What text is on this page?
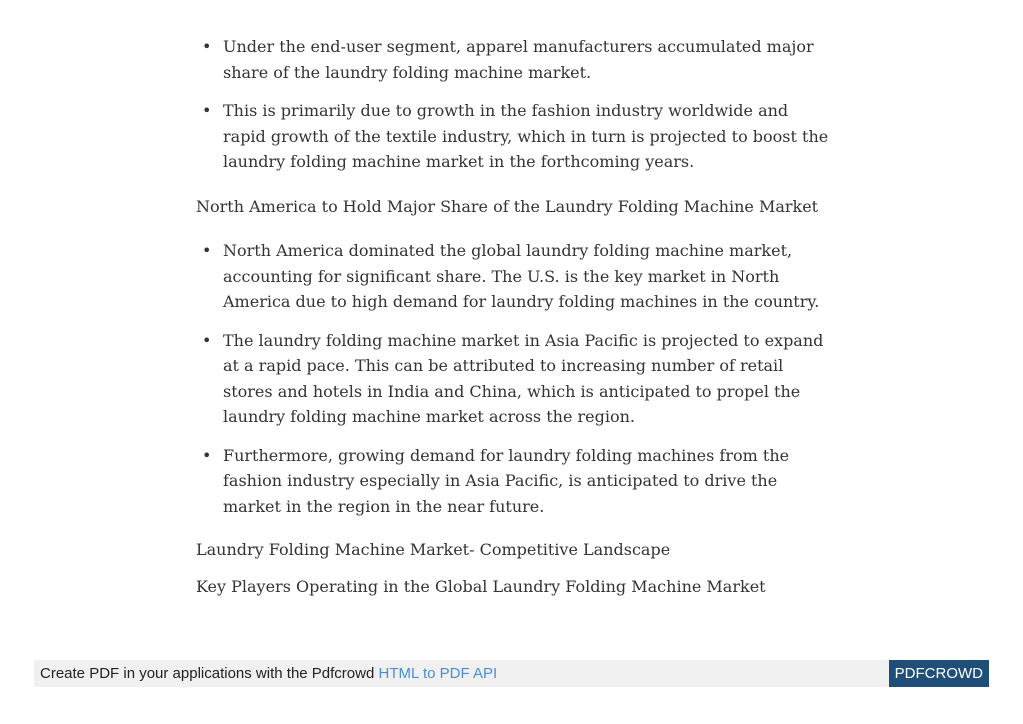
• Under the end-user segment, apparel manufacturers accumulated major share of the laundry folding machine market.
• This is primarily due to growth in the fashion industry worldwide and rapid growth of the textile industry, which in turn is projected to boost the laundry folding machine market in the forthcoming years.

North America to Hold Major Share of the Laundry Folding Machine Market

• North America dominated the global laundry folding machine market, accounting for significant share. The U.S. is the key market in North America due to high demand for laundry folding machines in the country.
• The laundry folding machine market in Asia Pacific is projected to expand at a rapid pace. This can be attributed to increasing number of retail stores and hotels in India and China, which is anticipated to propel the laundry folding machine market across the region.
• Furthermore, growing demand for laundry folding machines from the fashion industry especially in Asia Pacific, is anticipated to drive the market in the region in the near future.

Laundry Folding Machine Market- Competitive Landscape

Key Players Operating in the Global Laundry Folding Machine Market

Create PDF in your applications with the Pdfcrowd HTML to PDF API	PDFCROWD
